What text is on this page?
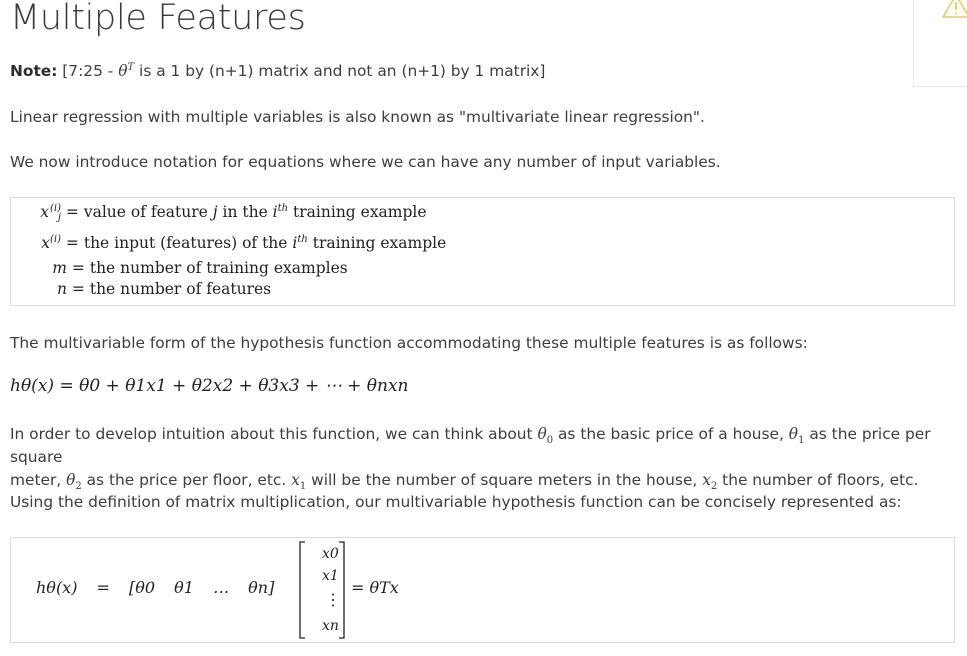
Multiple Features

Note: [7:25 - $\theta^T$ is a 1 by (n+1) matrix and not an (n+1) by 1 matrix]

Linear regression with multiple variables is also known as "multivariate linear regression".

We now introduce notation for equations where we can have any number of input variables.

x (i)
j = value of feature j in the $i^{th}$ training example
$x^{(i)}$ = the input (features) of the $i^{th}$ training example
m = the number of training examples
n = the number of features

The multivariable form of the hypothesis function accommodating these multiple features is as follows:

hθ(x) = θ0 + θ1x1 + θ2x2 + θ3x3 + ⋯ + θnxn

In order to develop intuition about this function, we can think about $\theta_0$ as the basic price of a house, $\theta_1$ as the price per square
meter, $\theta_2$ as the price per floor, etc. $x_1$ will be the number of square meters in the house, $x_2$ the number of floors, etc.

Using the definition of matrix multiplication, our multivariable hypothesis function can be concisely represented as:

hθ(x) = [θ0 θ1 … θn]
x0
x1
⋮
xn
= θTx
